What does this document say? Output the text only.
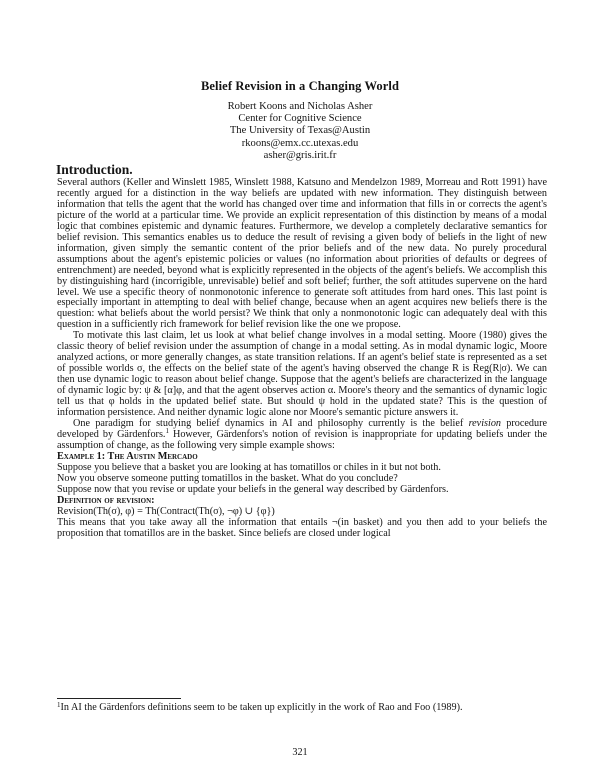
Belief Revision in a Changing World
Robert Koons and Nicholas Asher
Center for Cognitive Science
The University of Texas@Austin
rkoons@emx.cc.utexas.edu
asher@gris.irit.fr
Introduction.

Several authors (Keller and Winslett 1985, Winslett 1988, Katsuno and Mendelzon 1989, Morreau and Rott 1991) have recently argued for a distinction in the way beliefs are updated with new information. They distinguish between information that tells the agent that the world has changed over time and information that fills in or corrects the agent's picture of the world at a particular time. We provide an explicit representation of this distinction by means of a modal logic that combines epistemic and dynamic features. Furthermore, we develop a completely declarative semantics for belief revision. This semantics enables us to deduce the result of revising a given body of beliefs in the light of new information, given simply the semantic content of the prior beliefs and of the new data. No purely procedural assumptions about the agent's epistemic policies or values (no information about priorities of defaults or degrees of entrenchment) are needed, beyond what is explicitly represented in the objects of the agent's beliefs. We accomplish this by distinguishing hard (incorrigible, unrevisable) belief and soft belief; further, the soft attitudes supervene on the hard level. We use a specific theory of nonmonotonic inference to generate soft attitudes from hard ones. This last point is especially important in attempting to deal with belief change, because when an agent acquires new beliefs there is the question: what beliefs about the world persist? We think that only a nonmonotonic logic can adequately deal with this question in a sufficiently rich framework for belief revision like the one we propose.

To motivate this last claim, let us look at what belief change involves in a modal setting. Moore (1980) gives the classic theory of belief revision under the assumption of change in a modal setting. As in modal dynamic logic, Moore analyzed actions, or more generally changes, as state transition relations. If an agent's belief state is represented as a set of possible worlds σ, the effects on the belief state of the agent's having observed the change R is Reg(R|σ). We can then use dynamic logic to reason about belief change. Suppose that the agent's beliefs are characterized in the language of dynamic logic by: ψ & [α]φ, and that the agent observes action α. Moore's theory and the semantics of dynamic logic tell us that φ holds in the updated belief state. But should ψ hold in the updated state? This is the question of information persistence. And neither dynamic logic alone nor Moore's semantic picture answers it.

One paradigm for studying belief dynamics in AI and philosophy currently is the belief revision procedure developed by Gärdenfors.$^1$ However, Gärdenfors's notion of revision is inappropriate for updating beliefs under the assumption of change, as the following very simple example shows:

Example 1: The Austin Mercado

Suppose you believe that a basket you are looking at has tomatillos or chiles in it but not both.

Now you observe someone putting tomatillos in the basket. What do you conclude?

Suppose now that you revise or update your beliefs in the general way described by Gärdenfors.

Definition of revision:

Revision(Th(σ), φ) = Th(Contract(Th(σ), ¬φ) ∪ {φ})

This means that you take away all the information that entails ¬(in basket) and you then add to your beliefs the proposition that tomatillos are in the basket. Since beliefs are closed under logical

$^1$In AI the Gärdenfors definitions seem to be taken up explicitly in the work of Rao and Foo (1989).
321
